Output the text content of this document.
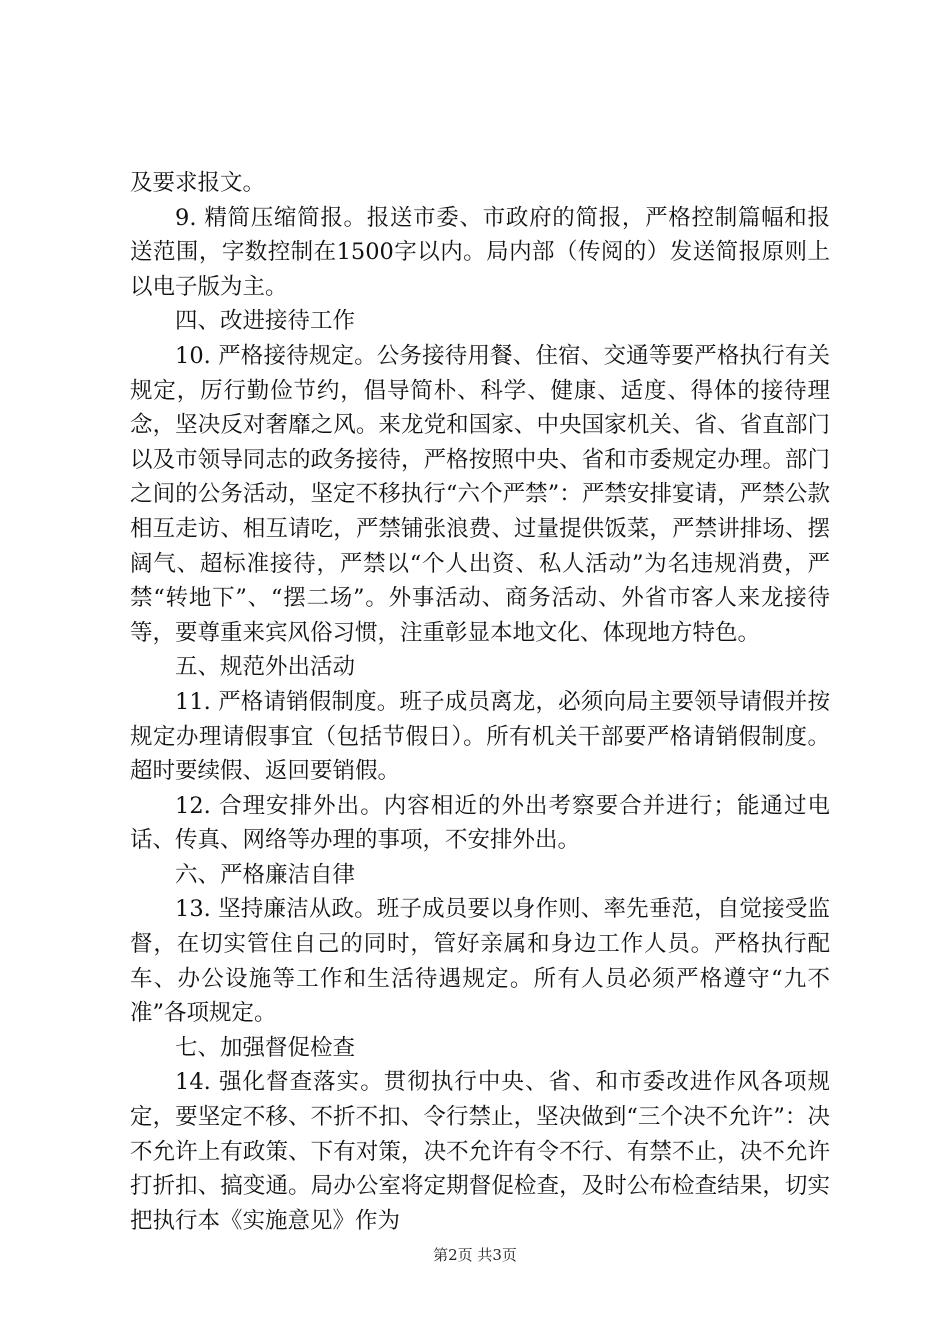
及要求报文。

9. 精简压缩简报。报送市委、市政府的简报，严格控制篇幅和报送范围，字数控制在1500字以内。局内部（传阅的）发送简报原则上以电子版为主。

四、改进接待工作

10. 严格接待规定。公务接待用餐、住宿、交通等要严格执行有关规定，厉行勤俭节约，倡导简朴、科学、健康、适度、得体的接待理念，坚决反对奢靡之风。来龙党和国家、中央国家机关、省、省直部门以及市领导同志的政务接待，严格按照中央、省和市委规定办理。部门之间的公务活动，坚定不移执行“六个严禁”：严禁安排宴请，严禁公款相互走访、相互请吃，严禁铺张浪费、过量提供饭菜，严禁讲排场、摆阔气、超标准接待，严禁以“个人出资、私人活动”为名违规消费，严禁“转地下”、“摆二场”。外事活动、商务活动、外省市客人来龙接待等，要尊重来宾风俗习惯，注重彰显本地文化、体现地方特色。

五、规范外出活动

11. 严格请销假制度。班子成员离龙，必须向局主要领导请假并按规定办理请假事宜（包括节假日）。所有机关干部要严格请销假制度。超时要续假、返回要销假。

12. 合理安排外出。内容相近的外出考察要合并进行；能通过电话、传真、网络等办理的事项，不安排外出。

六、严格廉洁自律

13. 坚持廉洁从政。班子成员要以身作则、率先垂范，自觉接受监督，在切实管住自己的同时，管好亲属和身边工作人员。严格执行配车、办公设施等工作和生活待遇规定。所有人员必须严格遵守“九不准”各项规定。

七、加强督促检查

14. 强化督查落实。贯彻执行中央、省、和市委改进作风各项规定，要坚定不移、不折不扣、令行禁止，坚决做到“三个决不允许”：决不允许上有政策、下有对策，决不允许有令不行、有禁不止，决不允许打折扣、搞变通。局办公室将定期督促检查，及时公布检查结果，切实把执行本《实施意见》作为

第2页 共3页
